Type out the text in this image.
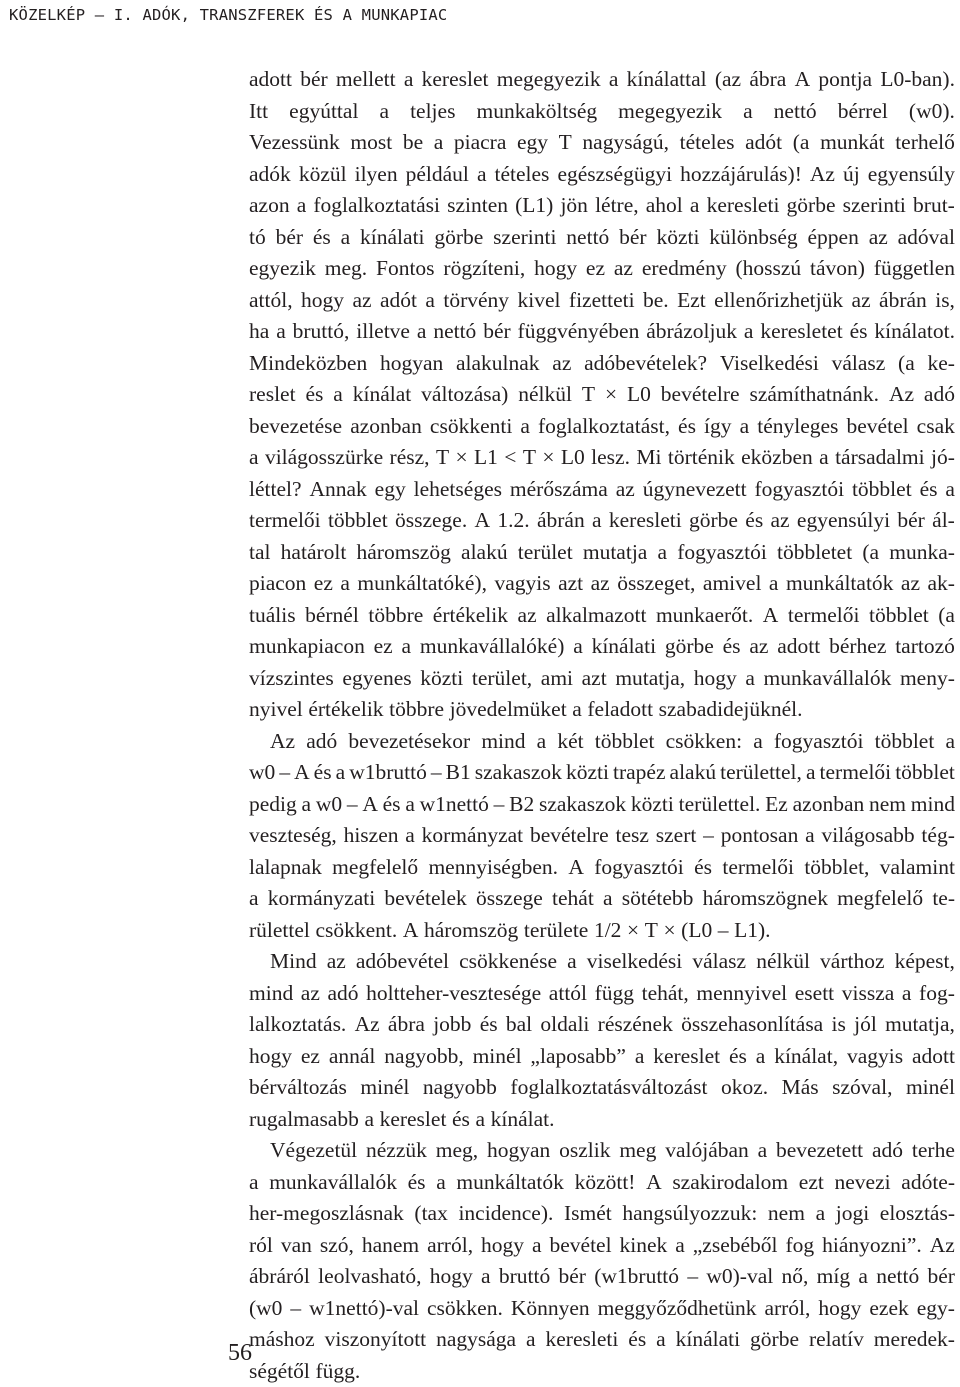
KÖZELKÉP – I. ADÓK, TRANSZFEREK ÉS A MUNKAPIAC
adott bér mellett a kereslet megegyezik a kínálattal (az ábra A pontja L0-ban).
Itt egyúttal a teljes munkaköltség megegyezik a nettó bérrel (w0).
Vezessünk most be a piacra egy T nagyságú, tételes adót (a munkát terhelő
adók közül ilyen például a tételes egészségügyi hozzájárulás)! Az új egyensúly
azon a foglalkoztatási szinten (L1) jön létre, ahol a keresleti görbe szerinti brut-
tó bér és a kínálati görbe szerinti nettó bér közti különbség éppen az adóval
egyezik meg. Fontos rögzíteni, hogy ez az eredmény (hosszú távon) független
attól, hogy az adót a törvény kivel fizetteti be. Ezt ellenőrizhetjük az ábrán is,
ha a bruttó, illetve a nettó bér függvényében ábrázoljuk a keresletet és kínálatot.
Mindeközben hogyan alakulnak az adóbevételek? Viselkedési válasz (a ke-
reslet és a kínálat változása) nélkül T × L0 bevételre számíthatnánk. Az adó
bevezetése azonban csökkenti a foglalkoztatást, és így a tényleges bevétel csak
a világosszürke rész, T × L1 < T × L0 lesz. Mi történik eközben a társadalmi jó-
léttel? Annak egy lehetséges mérőszáma az úgynevezett fogyasztói többlet és a
termelői többlet összege. A 1.2. ábrán a keresleti görbe és az egyensúlyi bér ál-
tal határolt háromszög alakú terület mutatja a fogyasztói többletet (a munka-
piacon ez a munkáltatóké), vagyis azt az összeget, amivel a munkáltatók az ak-
tuális bérnél többre értékelik az alkalmazott munkaerőt. A termelői többlet (a
munkapiacon ez a munkavállalóké) a kínálati görbe és az adott bérhez tartozó
vízszintes egyenes közti terület, ami azt mutatja, hogy a munkavállalók meny-
nyivel értékelik többre jövedelmüket a feladott szabadidejüknél.
Az adó bevezetésekor mind a két többlet csökken: a fogyasztói többlet a
w0 – A és a w1bruttó – B1 szakaszok közti trapéz alakú területtel, a termelői többlet
pedig a w0 – A és a w1nettó – B2 szakaszok közti területtel. Ez azonban nem mind
veszteség, hiszen a kormányzat bevételre tesz szert – pontosan a világosabb tég-
lalapnak megfelelő mennyiségben. A fogyasztói és termelői többlet, valamint
a kormányzati bevételek összege tehát a sötétebb háromszögnek megfelelő te-
rülettel csökkent. A háromszög területe 1/2 × T × (L0 – L1).
Mind az adóbevétel csökkenése a viselkedési válasz nélkül várthoz képest,
mind az adó holtteher-vesztesége attól függ tehát, mennyivel esett vissza a fog-
lalkoztatás. Az ábra jobb és bal oldali részének összehasonlítása is jól mutatja,
hogy ez annál nagyobb, minél „laposabb” a kereslet és a kínálat, vagyis adott
bérváltozás minél nagyobb foglalkoztatásváltozást okoz. Más szóval, minél
rugalmasabb a kereslet és a kínálat.
Végezetül nézzük meg, hogyan oszlik meg valójában a bevezetett adó terhe
a munkavállalók és a munkáltatók között! A szakirodalom ezt nevezi adóte-
her-megoszlásnak (tax incidence). Ismét hangsúlyozzuk: nem a jogi elosztás-
ról van szó, hanem arról, hogy a bevétel kinek a „zsebéből fog hiányozni”. Az
ábráról leolvasható, hogy a bruttó bér (w1bruttó – w0)-val nő, míg a nettó bér
(w0 – w1nettó)-val csökken. Könnyen meggyőződhetünk arról, hogy ezek egy-
máshoz viszonyított nagysága a keresleti és a kínálati görbe relatív meredek-
ségétől függ.
56
